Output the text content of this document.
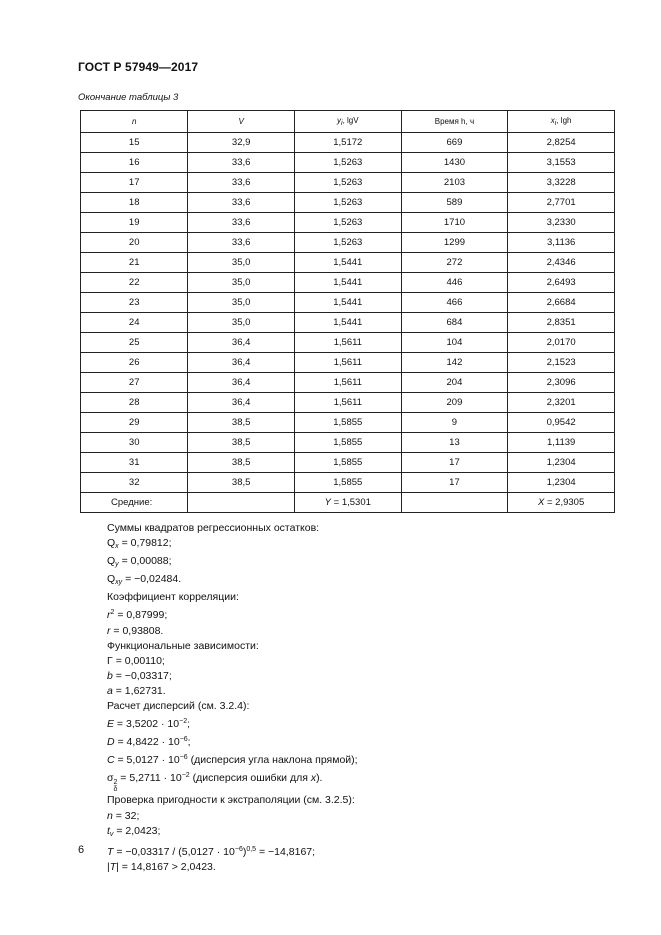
ГОСТ Р 57949—2017
Окончание таблицы 3
n	V	$y_i$, lgV	Время h, ч	$x_i$, lgh
15	32,9	1,5172	669	2,8254
16	33,6	1,5263	1430	3,1553
17	33,6	1,5263	2103	3,3228
18	33,6	1,5263	589	2,7701
19	33,6	1,5263	1710	3,2330
20	33,6	1,5263	1299	3,1136
21	35,0	1,5441	272	2,4346
22	35,0	1,5441	446	2,6493
23	35,0	1,5441	466	2,6684
24	35,0	1,5441	684	2,8351
25	36,4	1,5611	104	2,0170
26	36,4	1,5611	142	2,1523
27	36,4	1,5611	204	2,3096
28	36,4	1,5611	209	2,3201
29	38,5	1,5855	9	0,9542
30	38,5	1,5855	13	1,1139
31	38,5	1,5855	17	1,2304
32	38,5	1,5855	17	1,2304
Средние:		Y = 1,5301		X = 2,9305
Суммы квадратов регрессионных остатков:
$Q_x = 0,79812$;
$Q_y = 0,00088$;
$Q_{xy} = -0,02484$.
Коэффициент корреляции:
$r^2 = 0,87999$;
r = 0,93808.
Функциональные зависимости:
Γ = 0,00110;
b = −0,03317;
a = 1,62731.
Расчет дисперсий (см. 3.2.4):
$E = 3,5202 \cdot 10^{-2}$;
$D = 4,8422 \cdot 10^{-6}$;
$C = 5,0127 \cdot 10^{-6}$ (дисперсия угла наклона прямой);
σ 2
δ
= $5,2711 \cdot 10^{-2}$ (дисперсия ошибки для x).
Проверка пригодности к экстраполяции (см. 3.2.5):
n = 32;
$t_v = 2,0423$;
$T = -0,03317 / (5,0127 \cdot 10^{-6})^{0,5} = -14,8167$;
|T| = 14,8167 > 2,0423.
6
